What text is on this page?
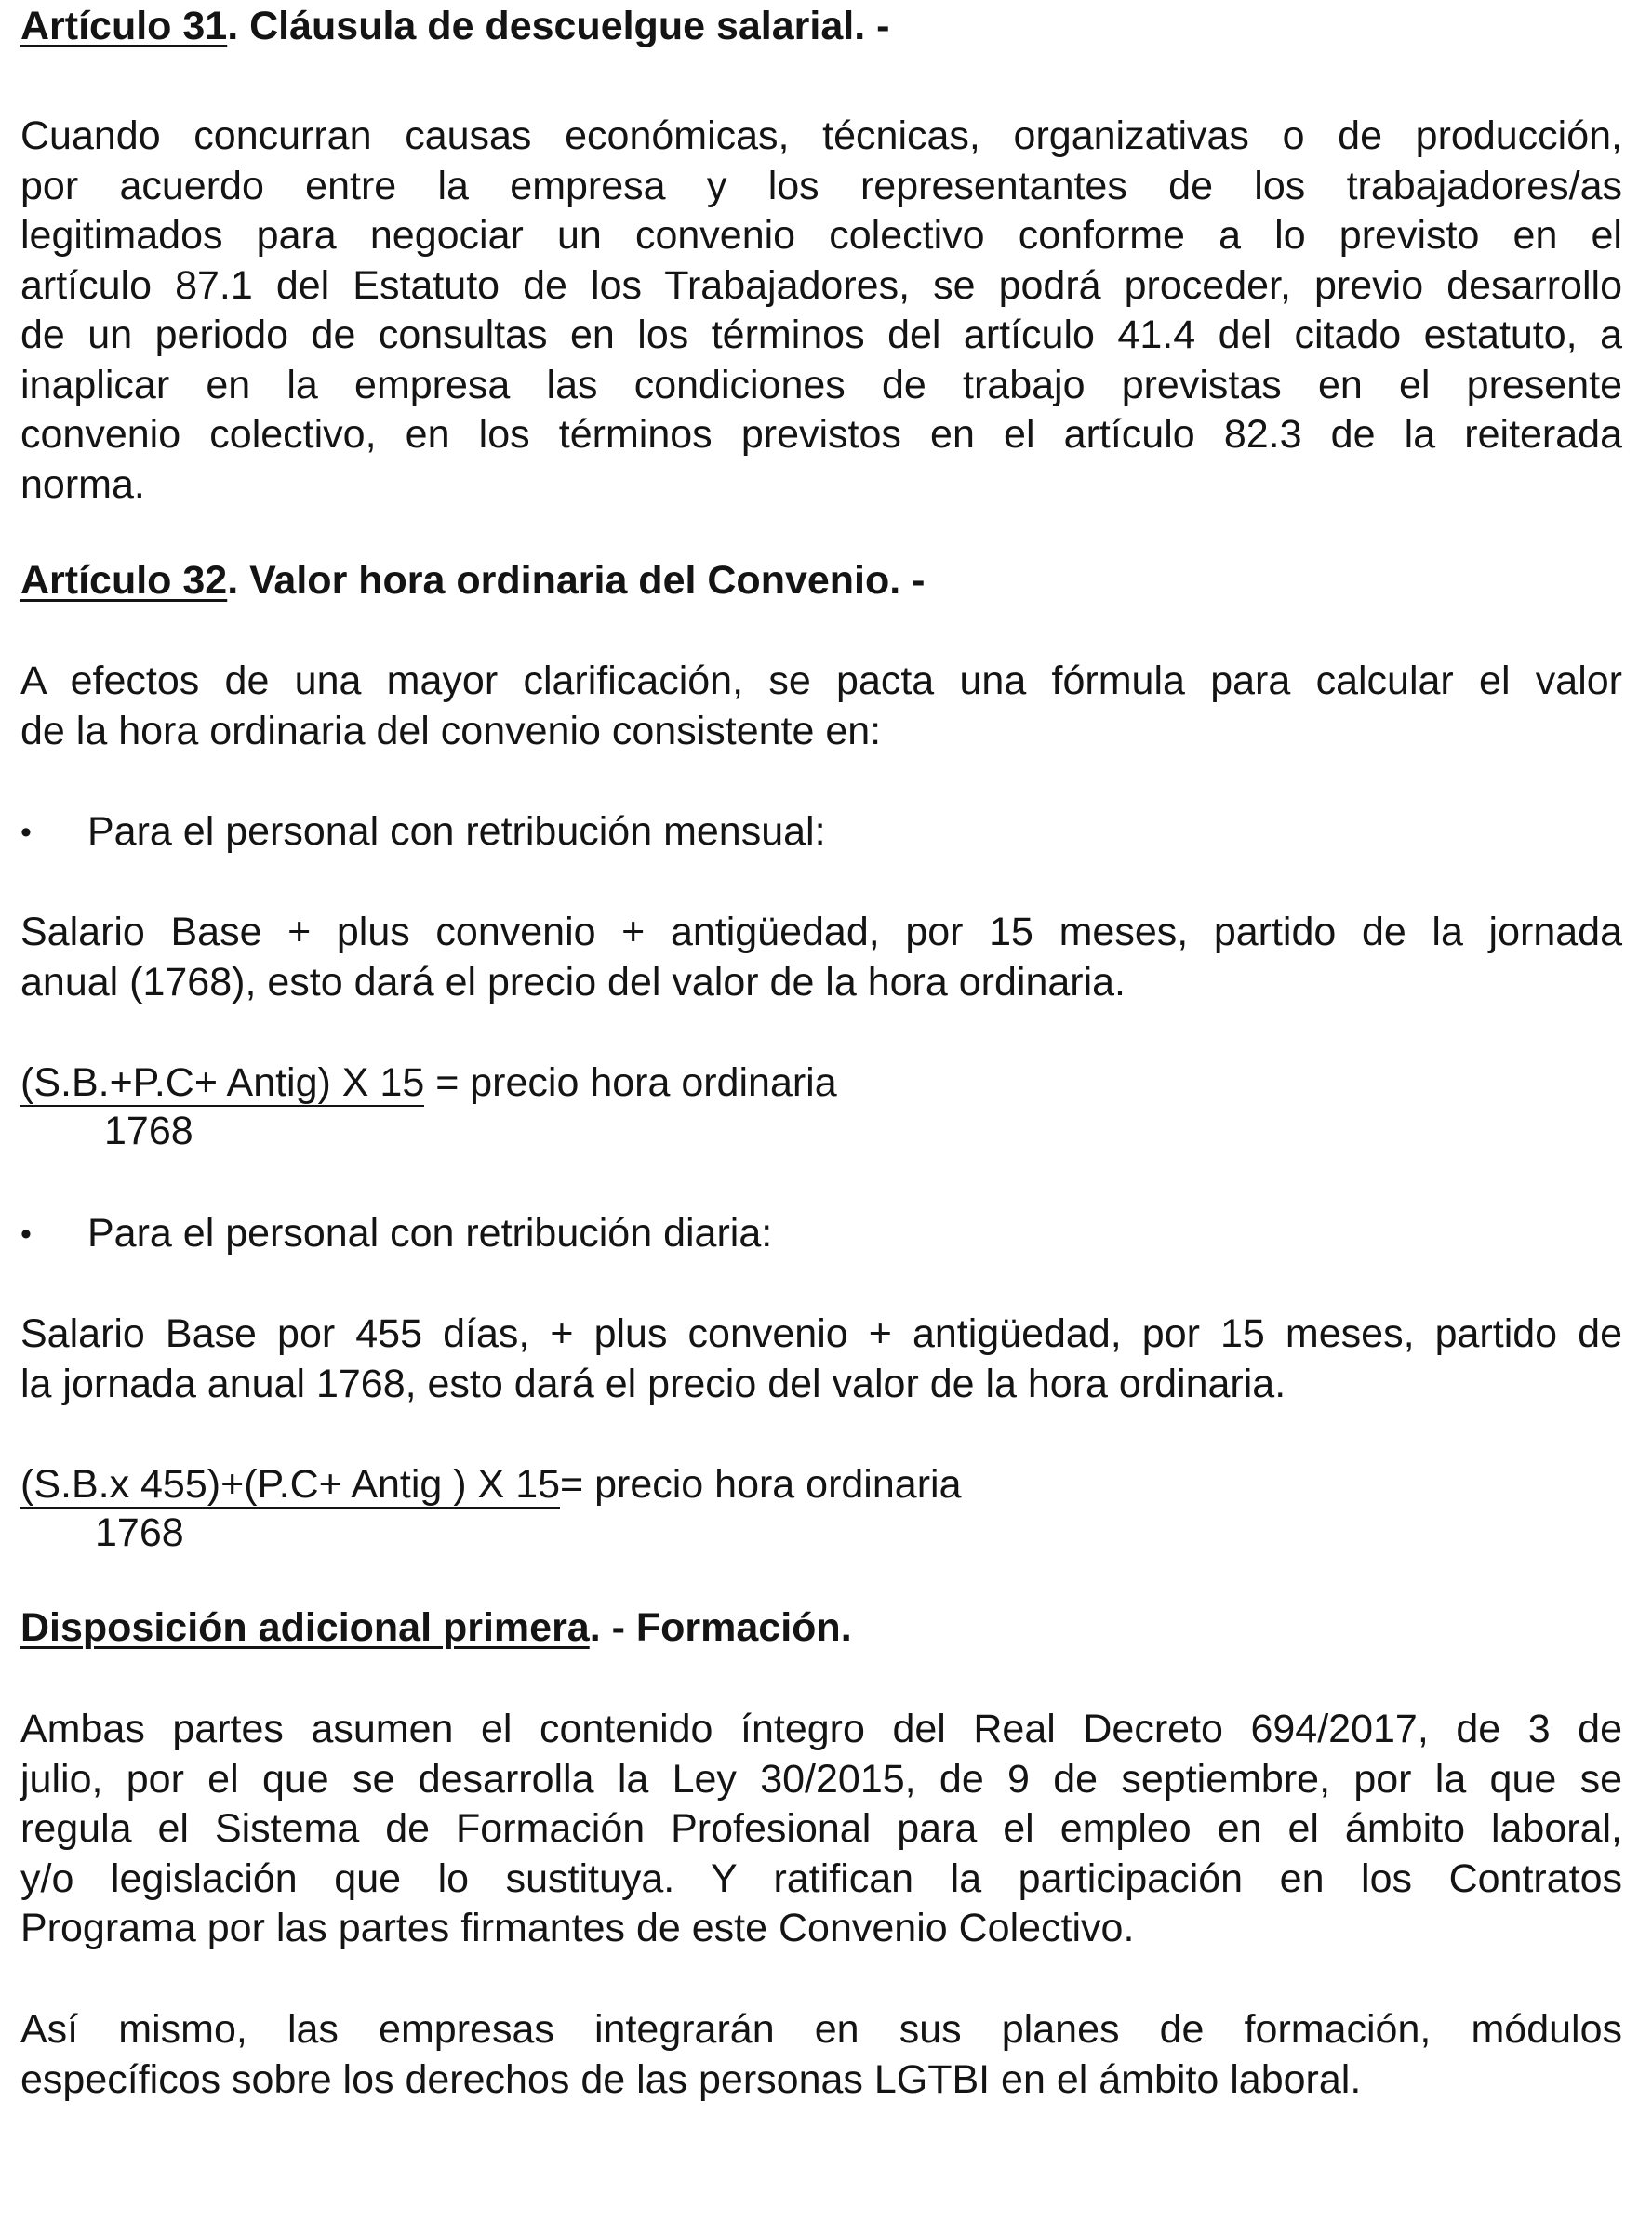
Artículo 31. Cláusula de descuelgue salarial. -
Cuando concurran causas económicas, técnicas, organizativas o de producción,
por acuerdo entre la empresa y los representantes de los trabajadores/as
legitimados para negociar un convenio colectivo conforme a lo previsto en el
artículo 87.1 del Estatuto de los Trabajadores, se podrá proceder, previo desarrollo
de un periodo de consultas en los términos del artículo 41.4 del citado estatuto, a
inaplicar en la empresa las condiciones de trabajo previstas en el presente
convenio colectivo, en los términos previstos en el artículo 82.3 de la reiterada
norma.
Artículo 32. Valor hora ordinaria del Convenio. -
A efectos de una mayor clarificación, se pacta una fórmula para calcular el valor
de la hora ordinaria del convenio consistente en:
• Para el personal con retribución mensual:
Salario Base + plus convenio + antigüedad, por 15 meses, partido de la jornada
anual (1768), esto dará el precio del valor de la hora ordinaria.
(S.B.+P.C+ Antig) X 15 = precio hora ordinaria
1768
• Para el personal con retribución diaria:
Salario Base por 455 días, + plus convenio + antigüedad, por 15 meses, partido de
la jornada anual 1768, esto dará el precio del valor de la hora ordinaria.
(S.B.x 455)+(P.C+ Antig ) X 15= precio hora ordinaria
1768
Disposición adicional primera. - Formación.
Ambas partes asumen el contenido íntegro del Real Decreto 694/2017, de 3 de
julio, por el que se desarrolla la Ley 30/2015, de 9 de septiembre, por la que se
regula el Sistema de Formación Profesional para el empleo en el ámbito laboral,
y/o legislación que lo sustituya. Y ratifican la participación en los Contratos
Programa por las partes firmantes de este Convenio Colectivo.
Así mismo, las empresas integrarán en sus planes de formación, módulos
específicos sobre los derechos de las personas LGTBI en el ámbito laboral.
